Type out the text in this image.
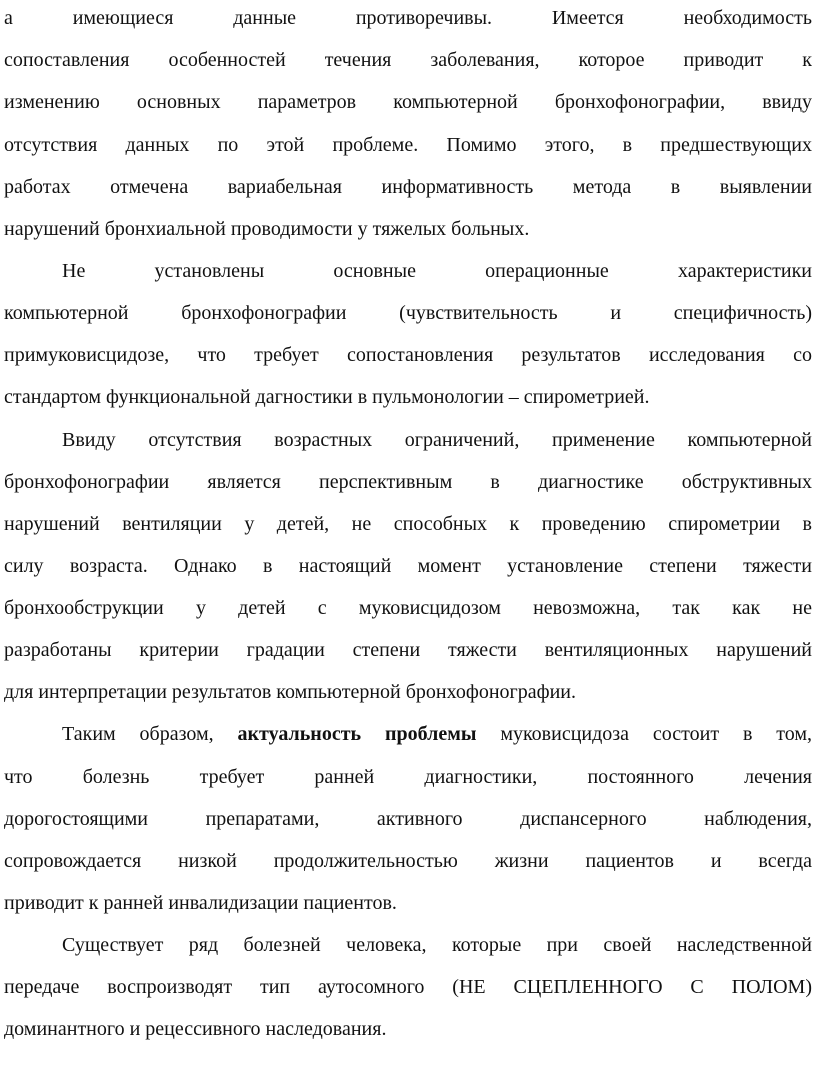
а имеющиеся данные противоречивы. Имеется необходимость
сопоставления особенностей течения заболевания, которое приводит к
изменению основных параметров компьютерной бронхофонографии, ввиду
отсутствия данных по этой проблеме. Помимо этого, в предшествующих
работах отмечена вариабельная информативность метода в выявлении
нарушений бронхиальной проводимости у тяжелых больных.
Не установлены основные операционные характеристики
компьютерной бронхофонографии (чувствительность и специфичность)
примуковисцидозе, что требует сопостановления результатов исследования со
стандартом функциональной дагностики в пульмонологии – спирометрией.
Ввиду отсутствия возрастных ограничений, применение компьютерной
бронхофонографии является перспективным в диагностике обструктивных
нарушений вентиляции у детей, не способных к проведению спирометрии в
силу возраста. Однако в настоящий момент установление степени тяжести
бронхообструкции у детей с муковисцидозом невозможна, так как не
разработаны критерии градации степени тяжести вентиляционных нарушений
для интерпретации результатов компьютерной бронхофонографии.
Таким образом, актуальность проблемы муковисцидоза состоит в том,
что болезнь требует ранней диагностики, постоянного лечения
дорогостоящими препаратами, активного диспансерного наблюдения,
сопровождается низкой продолжительностью жизни пациентов и всегда
приводит к ранней инвалидизации пациентов.
Существует ряд болезней человека, которые при своей наследственной
передаче воспроизводят тип аутосомного (НЕ СЦЕПЛЕННОГО С ПОЛОМ)
доминантного и рецессивного наследования.
